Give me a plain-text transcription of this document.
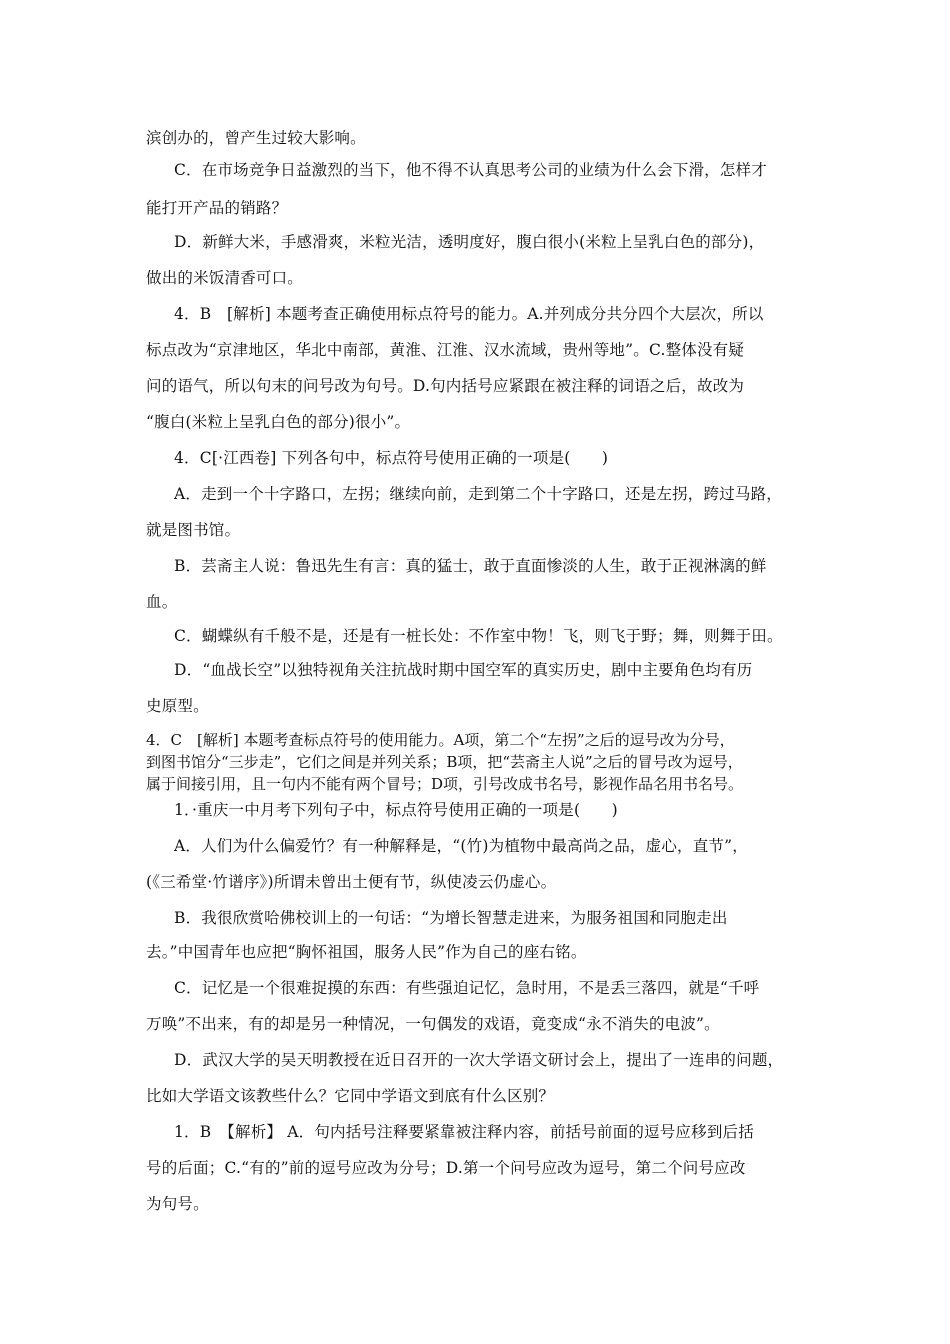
滨创办的，曾产生过较大影响。
C．在市场竞争日益激烈的当下，他不得不认真思考公司的业绩为什么会下滑，怎样才
能打开产品的销路？
D．新鲜大米，手感滑爽，米粒光洁，透明度好，腹白很小(米粒上呈乳白色的部分)，
做出的米饭清香可口。
4．B　[解析] 本题考查正确使用标点符号的能力。A.并列成分共分四个大层次，所以
标点改为“京津地区，华北中南部，黄淮、江淮、汉水流域，贵州等地”。C.整体没有疑
问的语气，所以句末的问号改为句号。D.句内括号应紧跟在被注释的词语之后，故改为
“腹白(米粒上呈乳白色的部分)很小”。
4．C[·江西卷] 下列各句中，标点符号使用正确的一项是(　　)
A．走到一个十字路口，左拐；继续向前，走到第二个十字路口，还是左拐，跨过马路，
就是图书馆。
B．芸斋主人说：鲁迅先生有言：真的猛士，敢于直面惨淡的人生，敢于正视淋漓的鲜
血。
C．蝴蝶纵有千般不是，还是有一桩长处：不作室中物！飞，则飞于野；舞，则舞于田。
D．“血战长空”以独特视角关注抗战时期中国空军的真实历史，剧中主要角色均有历
史原型。
4．C　[解析] 本题考查标点符号的使用能力。A项，第二个“左拐”之后的逗号改为分号，
到图书馆分“三步走”，它们之间是并列关系；B项，把“芸斋主人说”之后的冒号改为逗号，
属于间接引用，且一句内不能有两个冒号；D项，引号改成书名号，影视作品名用书名号。
1．·重庆一中月考下列句子中，标点符号使用正确的一项是(　　)
A．人们为什么偏爱竹？有一种解释是，“(竹)为植物中最高尚之品，虚心，直节”，
(《三希堂·竹谱序》)所谓未曾出土便有节，纵使凌云仍虚心。
B．我很欣赏哈佛校训上的一句话：“为增长智慧走进来，为服务祖国和同胞走出
去。”中国青年也应把“胸怀祖国，服务人民”作为自己的座右铭。
C．记忆是一个很难捉摸的东西：有些强迫记忆，急时用，不是丢三落四，就是“千呼
万唤”不出来，有的却是另一种情况，一句偶发的戏语，竟变成“永不消失的电波”。
D．武汉大学的吴天明教授在近日召开的一次大学语文研讨会上，提出了一连串的问题，
比如大学语文该教些什么？它同中学语文到底有什么区别？
1．B　【解析】 A．句内括号注释要紧靠被注释内容，前括号前面的逗号应移到后括
号的后面；C.“有的”前的逗号应改为分号；D.第一个问号应改为逗号，第二个问号应改
为句号。
